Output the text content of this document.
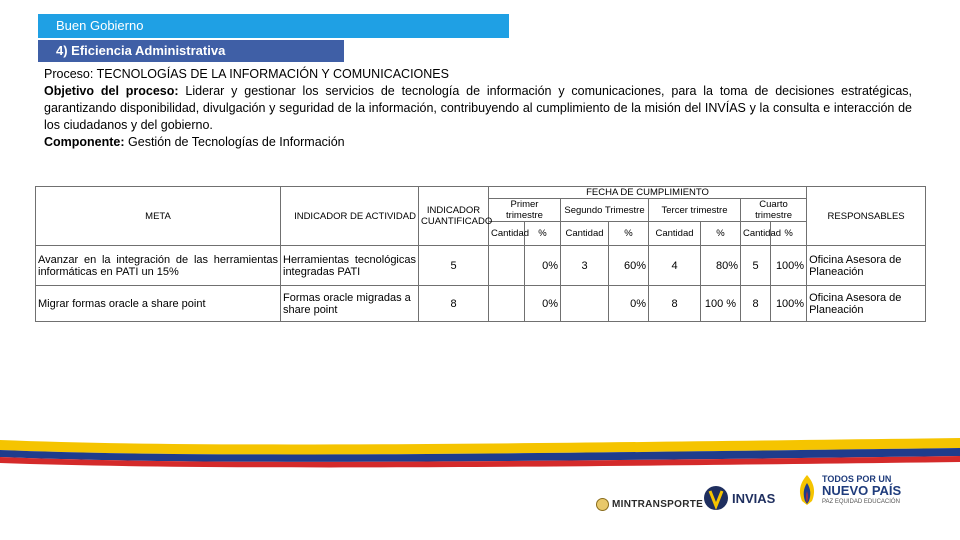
Buen Gobierno
4) Eficiencia Administrativa

Proceso: TECNOLOGÍAS DE LA INFORMACIÓN Y COMUNICACIONES

Objetivo del proceso: Liderar y gestionar los servicios de tecnología de información y comunicaciones, para la toma de decisiones estratégicas, garantizando disponibilidad, divulgación y seguridad de la información, contribuyendo al cumplimiento de la misión del INVÍAS y la consulta e interacción de los ciudadanos y del gobierno.

Componente: Gestión de Tecnologías de Información

META	INDICADOR DE ACTIVIDAD	INDICADOR CUANTIFICADO	FECHA DE CUMPLIMIENTO								RESPONSABLES
			Primer trimestre		Segundo Trimestre		Tercer trimestre		Cuarto trimestre		
			Cantidad	%	Cantidad	%	Cantidad	%	Cantidad	%	
Avanzar en la integración de las herramientas informáticas en PATI un 15%	Herramientas tecnológicas integradas PATI	5		0%	3	60%	4	80%	5	100%	Oficina Asesora de Planeación
Migrar formas oracle a share point	Formas oracle migradas a share point	8		0%		0%	8	100 %	8	100%	Oficina Asesora de Planeación
MINTRANSPORTE INVIAS
TODOS POR UN
NUEVO PAÍS
PAZ EQUIDAD EDUCACIÓN
